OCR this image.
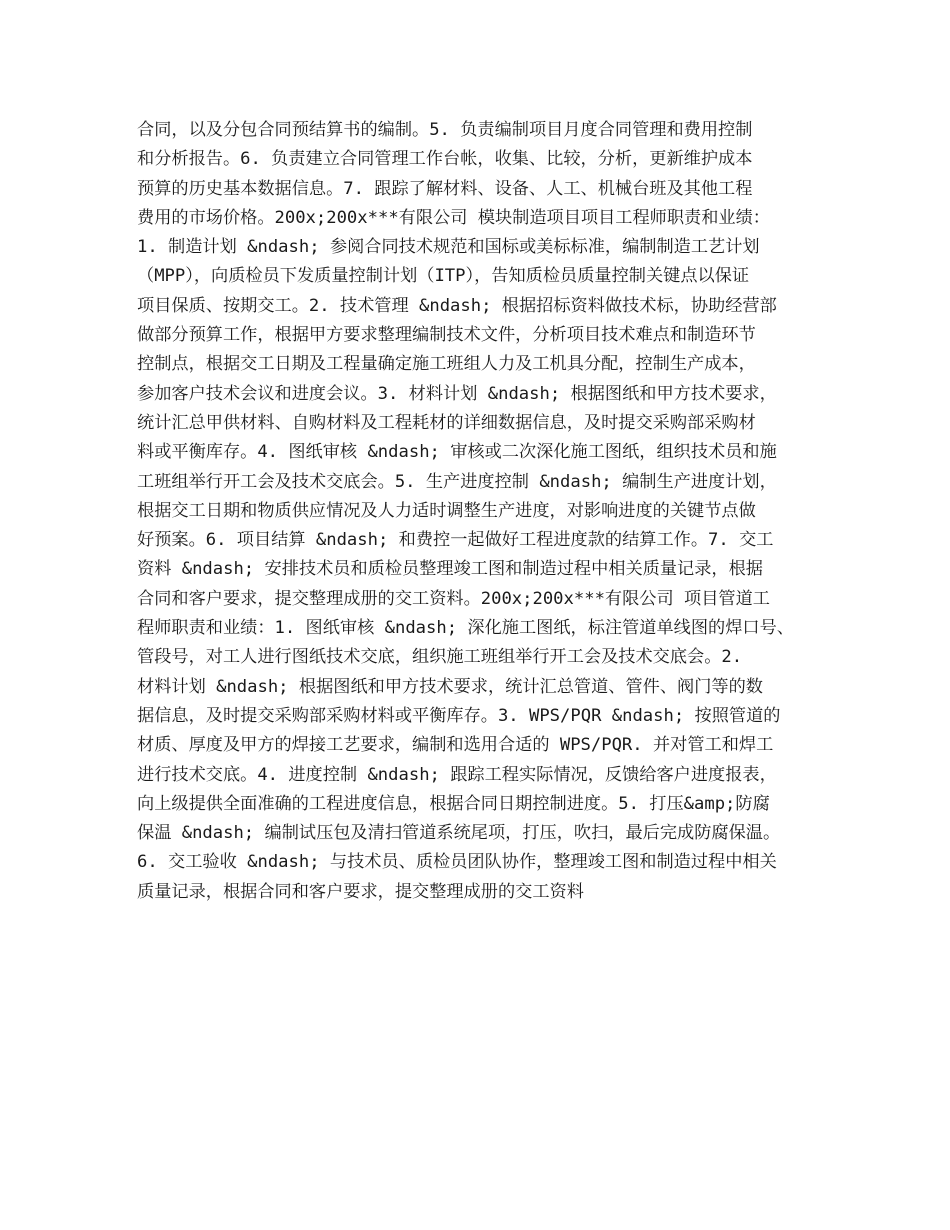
合同，以及分包合同预结算书的编制。5. 负责编制项目月度合同管理和费用控制
和分析报告。6. 负责建立合同管理工作台帐，收集、比较，分析，更新维护成本
预算的历史基本数据信息。7. 跟踪了解材料、设备、人工、机械台班及其他工程
费用的市场价格。200x;200x***有限公司 模块制造项目项目工程师职责和业绩：
1. 制造计划 &ndash; 参阅合同技术规范和国标或美标标准，编制制造工艺计划
（MPP），向质检员下发质量控制计划（ITP），告知质检员质量控制关键点以保证
项目保质、按期交工。2. 技术管理 &ndash; 根据招标资料做技术标，协助经营部
做部分预算工作，根据甲方要求整理编制技术文件，分析项目技术难点和制造环节
控制点，根据交工日期及工程量确定施工班组人力及工机具分配，控制生产成本，
参加客户技术会议和进度会议。3. 材料计划 &ndash; 根据图纸和甲方技术要求，
统计汇总甲供材料、自购材料及工程耗材的详细数据信息，及时提交采购部采购材
料或平衡库存。4. 图纸审核 &ndash; 审核或二次深化施工图纸，组织技术员和施
工班组举行开工会及技术交底会。5. 生产进度控制 &ndash; 编制生产进度计划，
根据交工日期和物质供应情况及人力适时调整生产进度，对影响进度的关键节点做
好预案。6. 项目结算 &ndash; 和费控一起做好工程进度款的结算工作。7. 交工
资料 &ndash; 安排技术员和质检员整理竣工图和制造过程中相关质量记录，根据
合同和客户要求，提交整理成册的交工资料。200x;200x***有限公司 项目管道工
程师职责和业绩：1. 图纸审核 &ndash; 深化施工图纸，标注管道单线图的焊口号、
管段号，对工人进行图纸技术交底，组织施工班组举行开工会及技术交底会。2.
材料计划 &ndash; 根据图纸和甲方技术要求，统计汇总管道、管件、阀门等的数
据信息，及时提交采购部采购材料或平衡库存。3. WPS/PQR &ndash; 按照管道的
材质、厚度及甲方的焊接工艺要求，编制和选用合适的 WPS/PQR. 并对管工和焊工
进行技术交底。4. 进度控制 &ndash; 跟踪工程实际情况，反馈给客户进度报表，
向上级提供全面准确的工程进度信息，根据合同日期控制进度。5. 打压&amp;防腐
保温 &ndash; 编制试压包及清扫管道系统尾项，打压，吹扫，最后完成防腐保温。
6. 交工验收 &ndash; 与技术员、质检员团队协作，整理竣工图和制造过程中相关
质量记录，根据合同和客户要求，提交整理成册的交工资料
